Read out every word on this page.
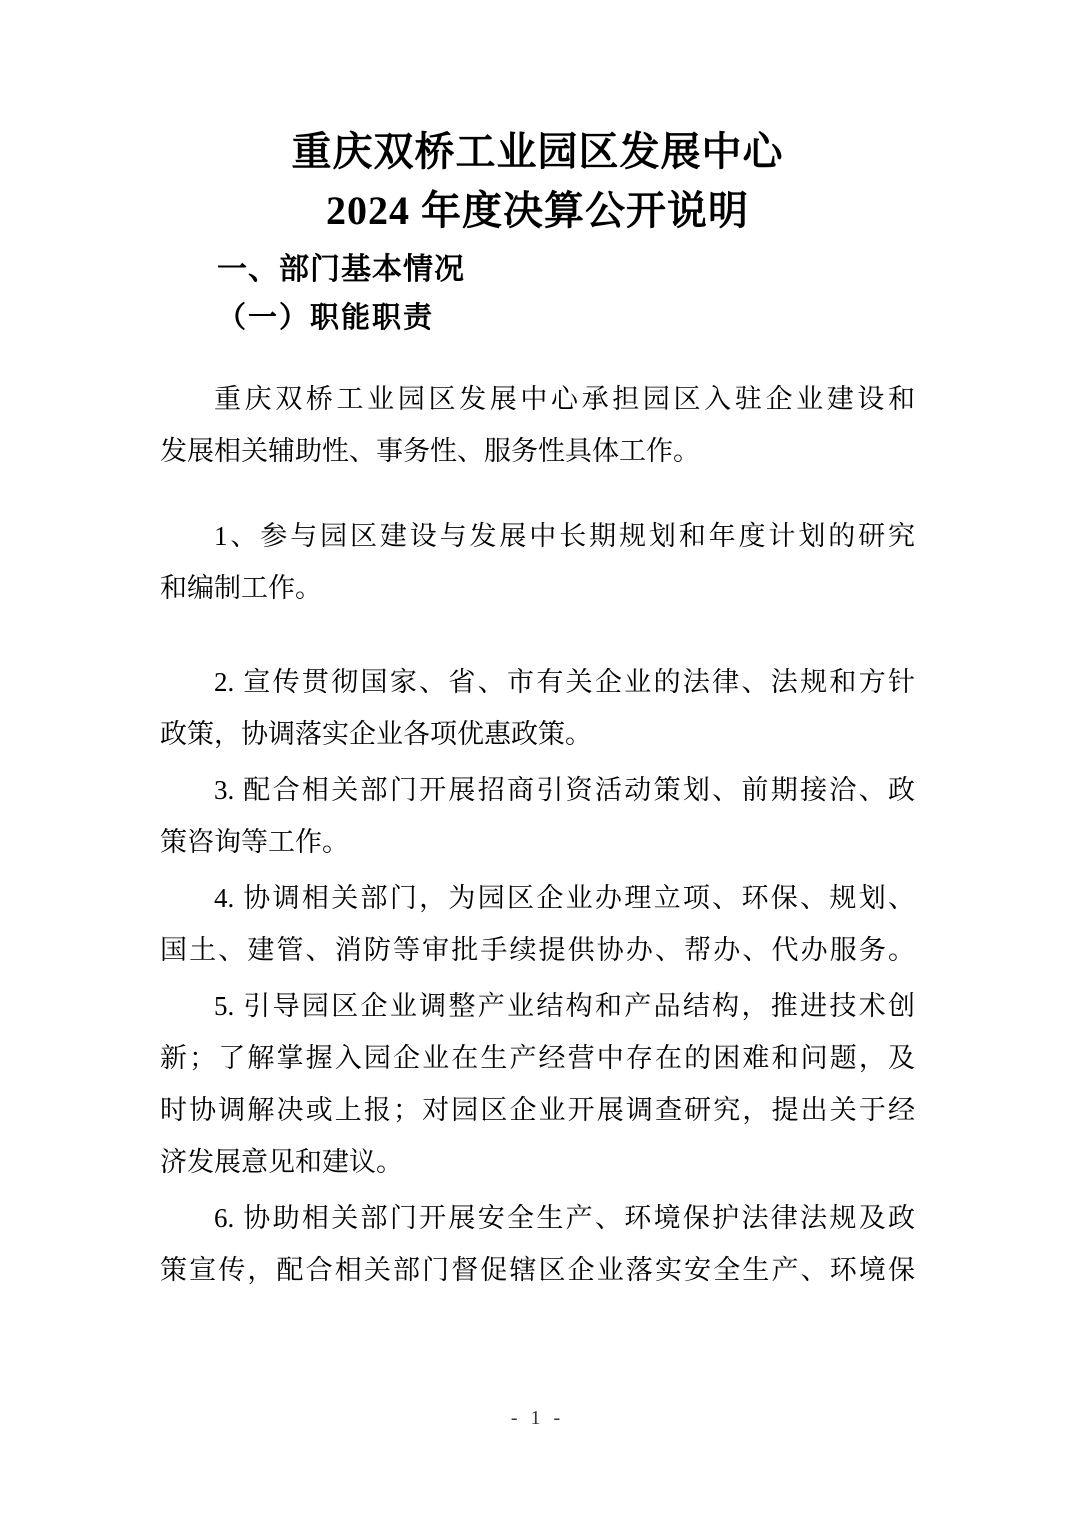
重庆双桥工业园区发展中心
2024 年度决算公开说明
一、部门基本情况
（一）职能职责
重庆双桥工业园区发展中心承担园区入驻企业建设和
发展相关辅助性、事务性、服务性具体工作。
1、参与园区建设与发展中长期规划和年度计划的研究
和编制工作。
2. 宣传贯彻国家、省、市有关企业的法律、法规和方针
政策，协调落实企业各项优惠政策。
3. 配合相关部门开展招商引资活动策划、前期接洽、政
策咨询等工作。
4. 协调相关部门，为园区企业办理立项、环保、规划、
国土、建管、消防等审批手续提供协办、帮办、代办服务。
5. 引导园区企业调整产业结构和产品结构，推进技术创
新；了解掌握入园企业在生产经营中存在的困难和问题，及
时协调解决或上报；对园区企业开展调查研究，提出关于经
济发展意见和建议。
6. 协助相关部门开展安全生产、环境保护法律法规及政
策宣传，配合相关部门督促辖区企业落实安全生产、环境保
- 1 -
